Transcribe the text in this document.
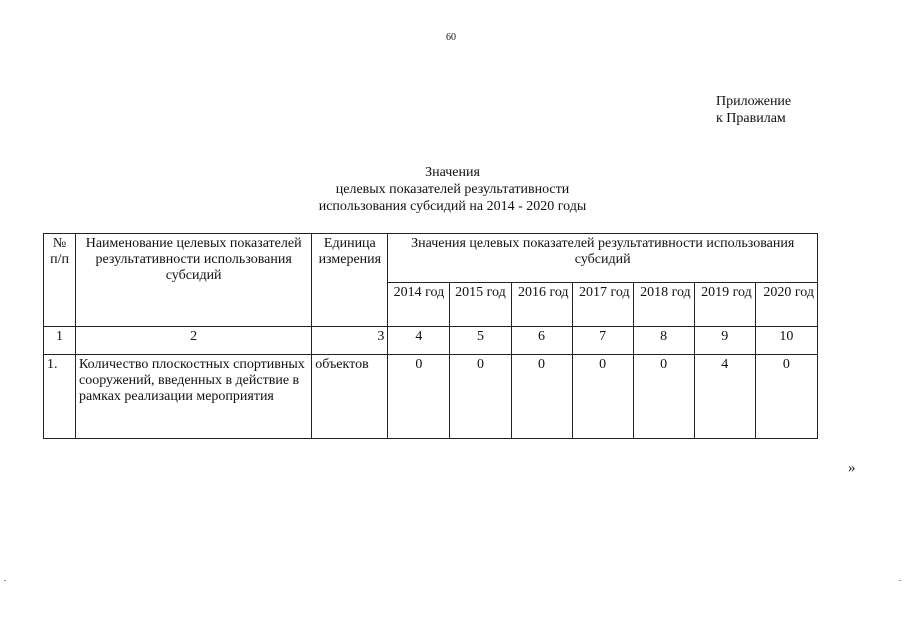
60
Приложение
к Правилам
Значения
целевых показателей результативности
использования субсидий на 2014 - 2020 годы
№
п/п	Наименование целевых показателей результативности использования субсидий	Единица измерения	Значения целевых показателей результативности использования субсидий						
			2014 год	2015 год	2016 год	2017 год	2018 год	2019 год	2020 год
1	2	3	4	5	6	7	8	9	10
1.	Количество плоскостных спортивных сооружений, введенных в действие в рамках реализации мероприятия	объектов	0	0	0	0	0	4	0
»
